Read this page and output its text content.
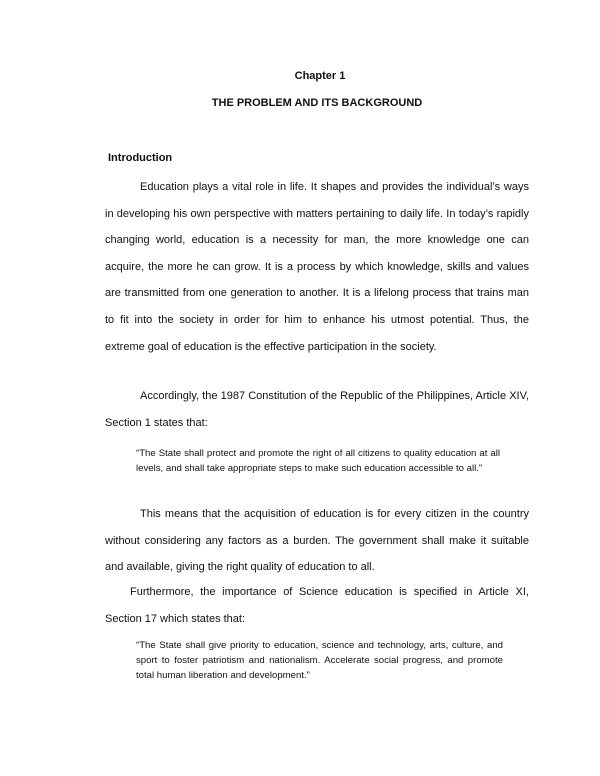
Chapter 1
THE PROBLEM AND ITS BACKGROUND
Introduction

Education plays a vital role in life. It shapes and provides the individual’s ways in developing his own perspective with matters pertaining to daily life. In today’s rapidly changing world, education is a necessity for man, the more knowledge one can acquire, the more he can grow. It is a process by which knowledge, skills and values are transmitted from one generation to another. It is a lifelong process that trains man to fit into the society in order for him to enhance his utmost potential. Thus, the extreme goal of education is the effective participation in the society.

Accordingly, the 1987 Constitution of the Republic of the Philippines, Article XIV, Section 1 states that:

“The State shall protect and promote the right of all citizens to quality education at all levels, and shall take appropriate steps to make such education accessible to all.”

This means that the acquisition of education is for every citizen in the country without considering any factors as a burden. The government shall make it suitable and available, giving the right quality of education to all.

Furthermore, the importance of Science education is specified in Article XI, Section 17 which states that:

“The State shall give priority to education, science and technology, arts, culture, and sport to foster patriotism and nationalism. Accelerate social progress, and promote total human liberation and development.”
